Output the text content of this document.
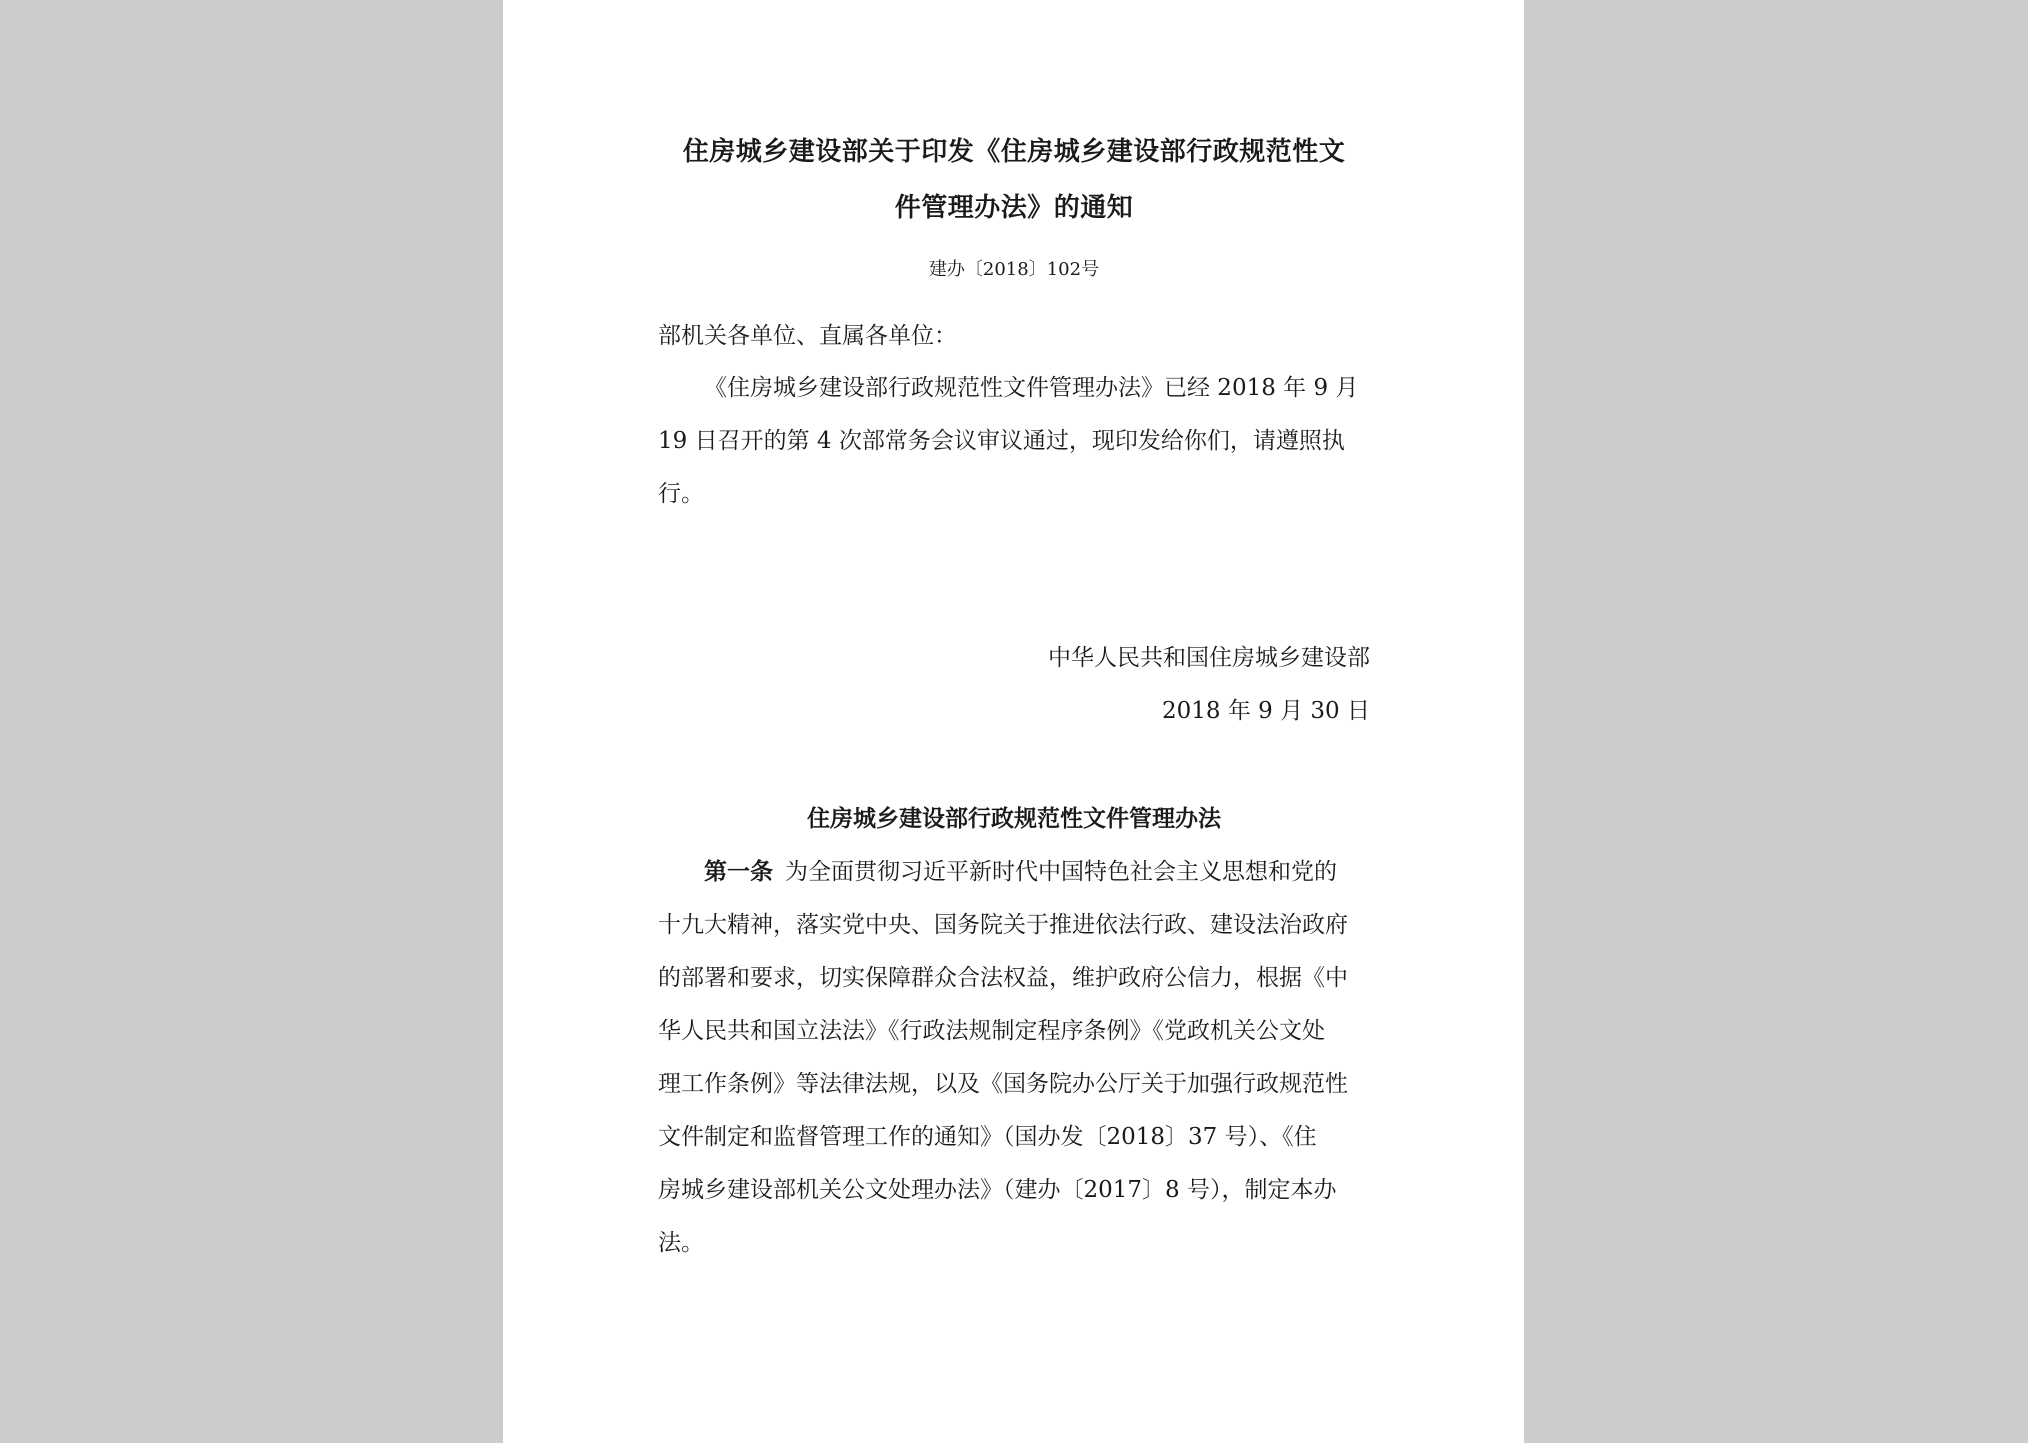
住房城乡建设部关于印发《住房城乡建设部行政规范性文
件管理办法》的通知
建办〔2018〕102号
部机关各单位、直属各单位：
《住房城乡建设部行政规范性文件管理办法》已经 2018 年 9 月
19 日召开的第 4 次部常务会议审议通过，现印发给你们，请遵照执
行。
中华人民共和国住房城乡建设部
2018 年 9 月 30 日
住房城乡建设部行政规范性文件管理办法
第一条 为全面贯彻习近平新时代中国特色社会主义思想和党的
十九大精神，落实党中央、国务院关于推进依法行政、建设法治政府
的部署和要求，切实保障群众合法权益，维护政府公信力，根据《中
华人民共和国立法法》《行政法规制定程序条例》《党政机关公文处
理工作条例》等法律法规，以及《国务院办公厅关于加强行政规范性
文件制定和监督管理工作的通知》（国办发〔2018〕37 号）、《住
房城乡建设部机关公文处理办法》（建办〔2017〕8 号），制定本办
法。
